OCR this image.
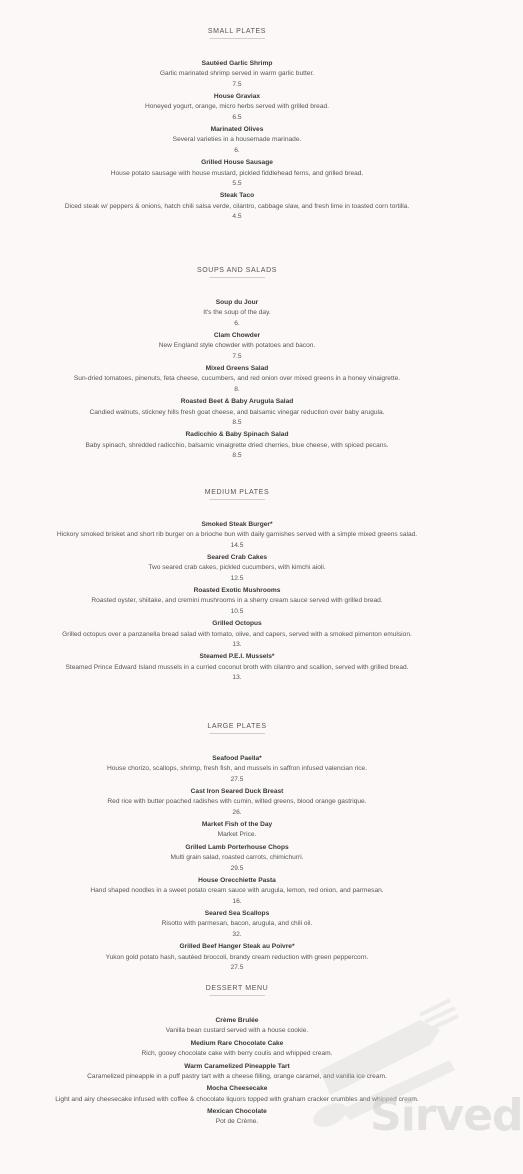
SMALL PLATES
——————————
Sautéed Garlic Shrimp
Garlic marinated shrimp served in warm garlic butter.
7.5
House Graviax
Honeyed yogurt, orange, micro herbs served with grilled bread.
6.5
Marinated Olives
Several varieties in a housemade marinade.
6.
Grilled House Sausage
House potato sausage with house mustard, pickled fiddlehead ferns, and grilled bread.
5.5
Steak Taco
Diced steak w/ peppers & onions, hatch chili salsa verde, cilantro, cabbage slaw, and fresh lime in toasted corn tortilla.
4.5
SOUPS AND SALADS
——————————
Soup du Jour
It's the soup of the day.
6.
Clam Chowder
New England style chowder with potatoes and bacon.
7.5
Mixed Greens Salad
Sun-dried tomatoes, pinenuts, feta cheese, cucumbers, and red onion over mixed greens in a honey vinaigrette.
8.
Roasted Beet & Baby Arugula Salad
Candied walnuts, stickney hills fresh goat cheese, and balsamic vinegar reduction over baby arugula.
8.5
Radicchio & Baby Spinach Salad
Baby spinach, shredded radicchio, balsamic vinaigrette dried cherries, blue cheese, with spiced pecans.
8.5
MEDIUM PLATES
——————————
Smoked Steak Burger*
Hickory smoked brisket and short rib burger on a brioche bun with daily garnishes served with a simple mixed greens salad.
14.5
Seared Crab Cakes
Two seared crab cakes, pickled cucumbers, with kimchi aioli.
12.5
Roasted Exotic Mushrooms
Roasted oyster, shiitake, and cremini mushrooms in a sherry cream sauce served with grilled bread.
10.5
Grilled Octopus
Grilled octopus over a panzanella bread salad with tomato, olive, and capers, served with a smoked pimenton emulsion.
13.
Steamed P.E.I. Mussels*
Steamed Prince Edward Island mussels in a curried coconut broth with cilantro and scallion, served with grilled bread.
13.
LARGE PLATES
——————————
Seafood Paella*
House chorizo, scallops, shrimp, fresh fish, and mussels in saffron infused valencian rice.
27.5
Cast Iron Seared Duck Breast
Red rice with butter poached radishes with cumin, wilted greens, blood orange gastrique.
26.
Market Fish of the Day
Market Price.
Grilled Lamb Porterhouse Chops
Multi grain salad, roasted carrots, chimichurri.
29.5
House Orecchiette Pasta
Hand shaped noodles in a sweet potato cream sauce with arugula, lemon, red onion, and parmesan.
16.
Seared Sea Scallops
Risotto with parmesan, bacon, arugula, and chili oil.
32.
Grilled Beef Hanger Steak au Poivre*
Yukon gold potato hash, sautéed broccoli, brandy cream reduction with green peppercorn.
27.5
DESSERT MENU
——————————
Crème Brulée
Vanilla bean custard served with a house cookie.
Medium Rare Chocolate Cake
Rich, gooey chocolate cake with berry coulis and whipped cream.
Warm Caramelized Pineapple Tart
Caramelized pineapple in a puff pastry tart with a cheese filling, orange caramel, and vanilla ice cream.
Mocha Cheesecake
Light and airy cheesecake infused with coffee & chocolate liquors topped with graham cracker crumbles and whipped cream.
Mexican Chocolate
Pot de Crème.	Sirved
